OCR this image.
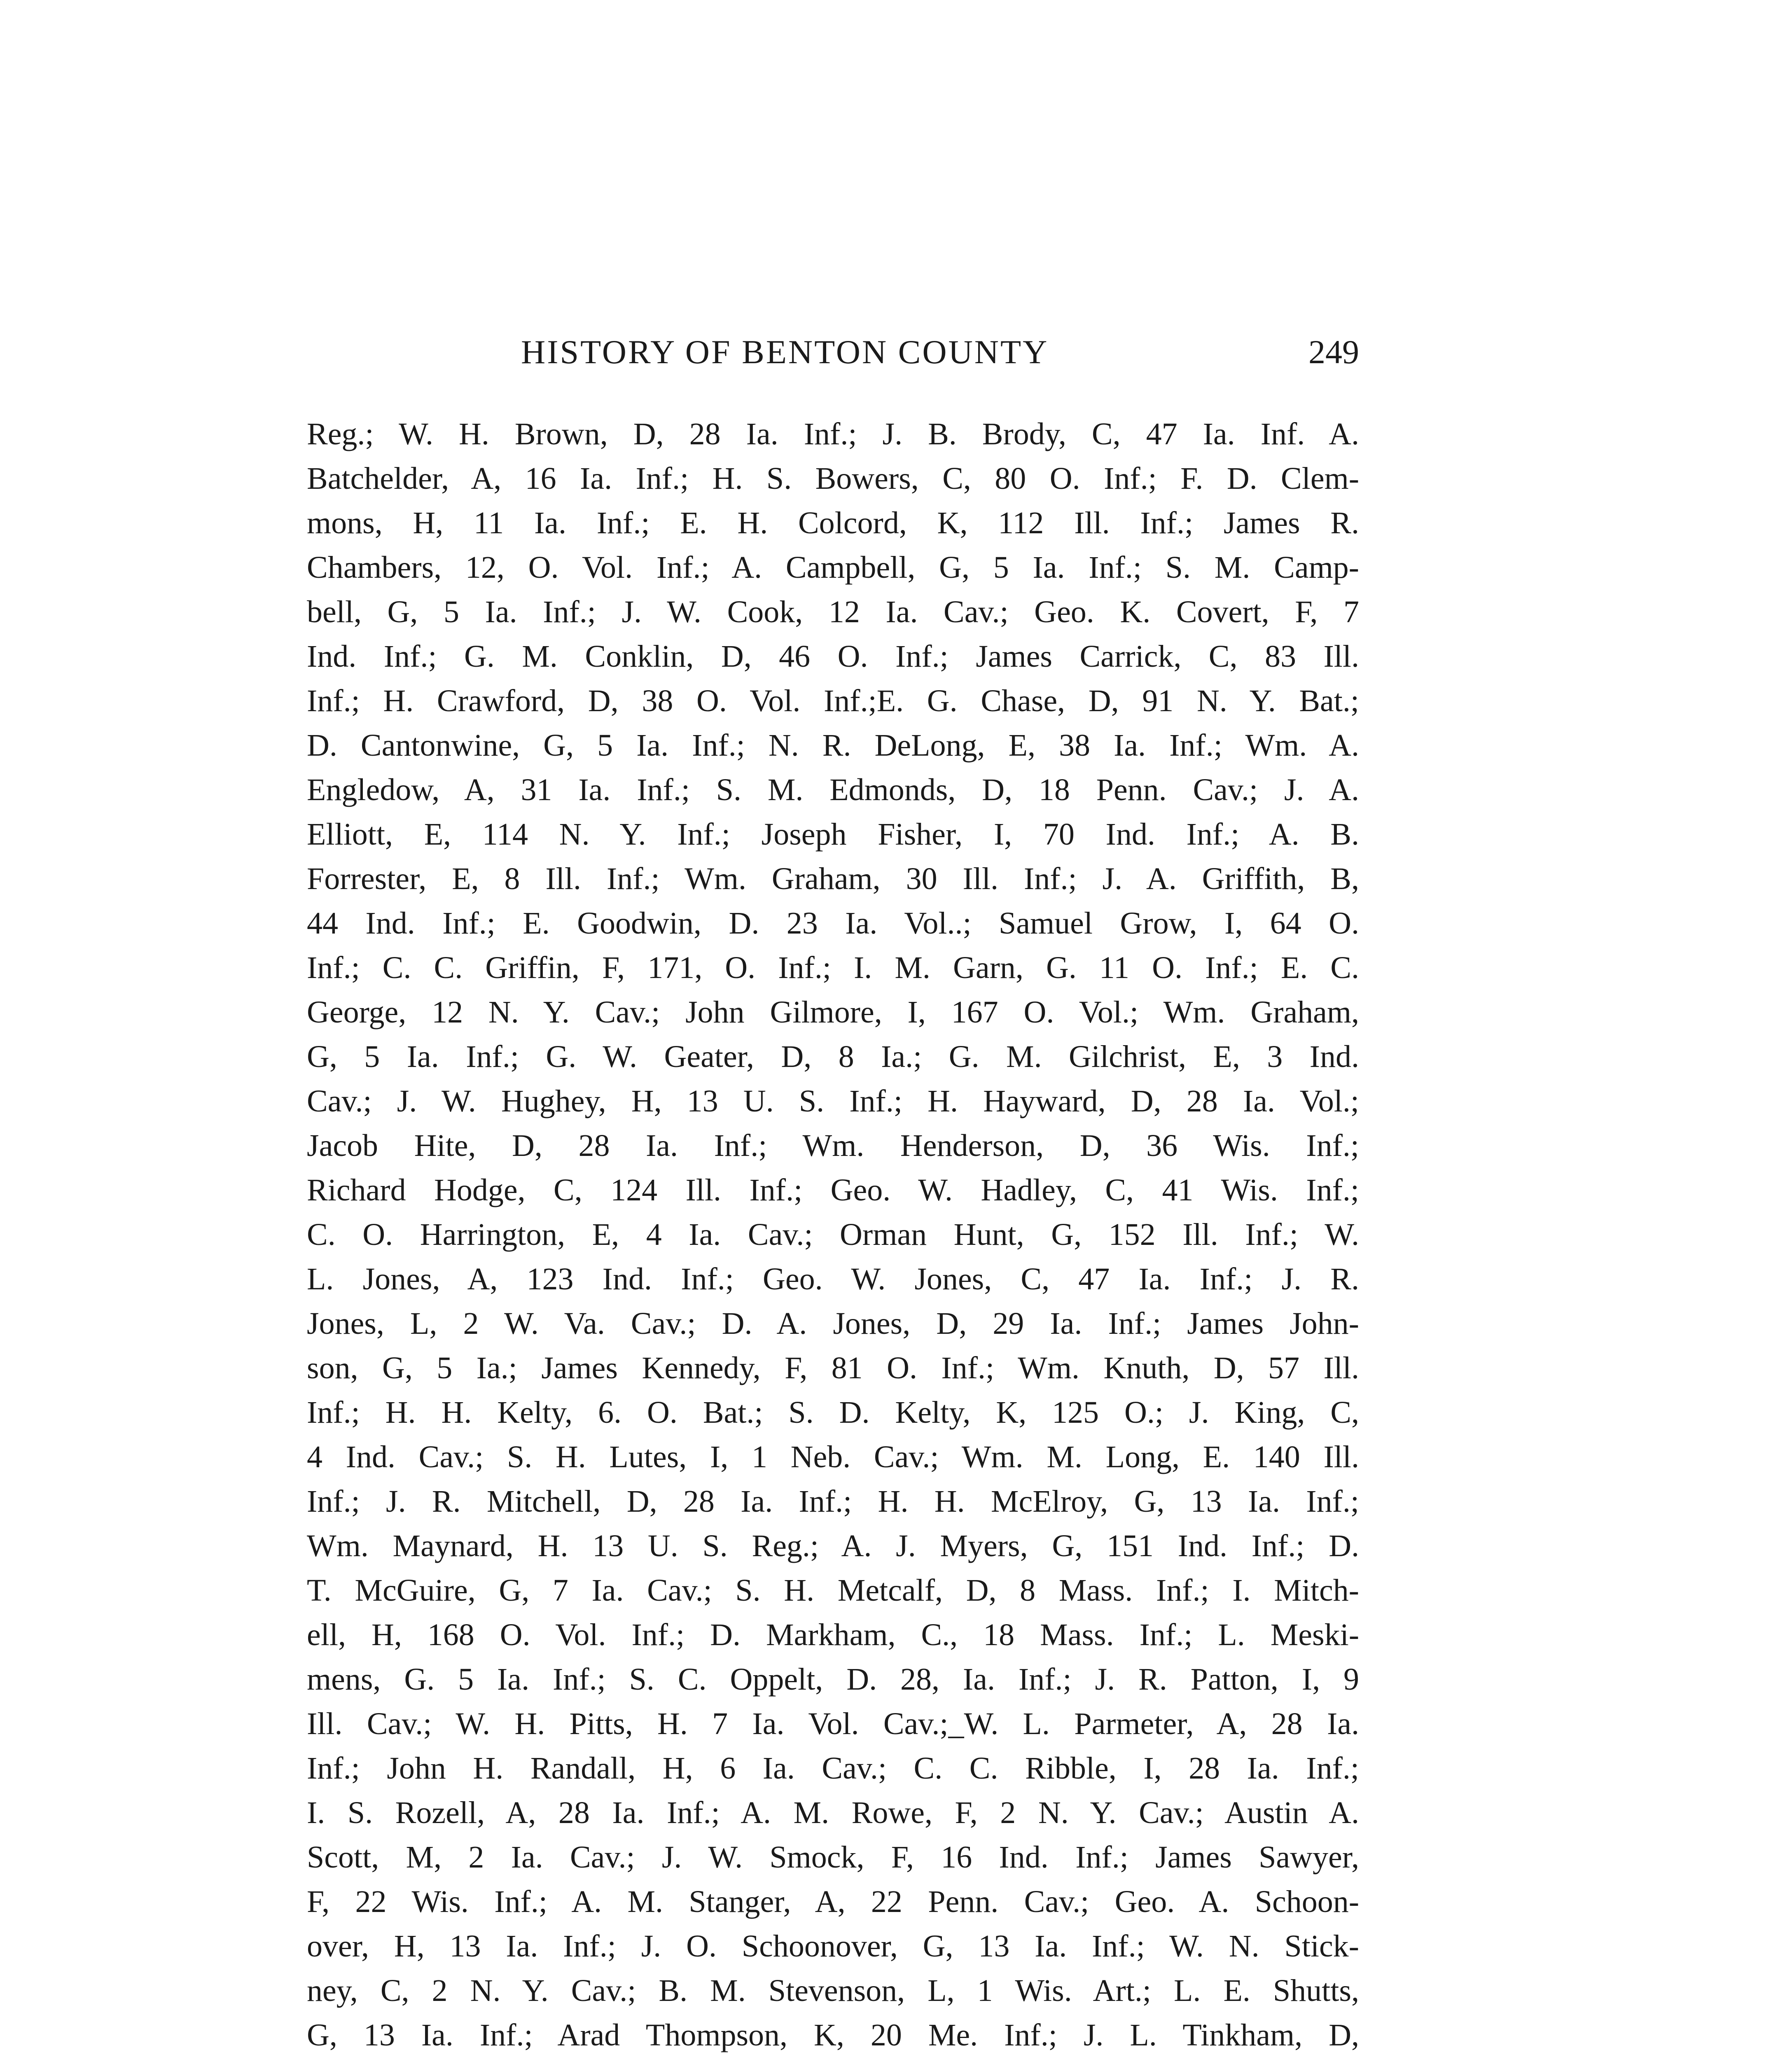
HISTORY OF BENTON COUNTY	249
Reg.; W. H. Brown, D, 28 Ia. Inf.; J. B. Brody, C, 47 Ia. Inf. A.
Batchelder, A, 16 Ia. Inf.; H. S. Bowers, C, 80 O. Inf.; F. D. Clem-
mons, H, 11 Ia. Inf.; E. H. Colcord, K, 112 Ill. Inf.; James R.
Chambers, 12, O. Vol. Inf.; A. Campbell, G, 5 Ia. Inf.; S. M. Camp-
bell, G, 5 Ia. Inf.; J. W. Cook, 12 Ia. Cav.; Geo. K. Covert, F, 7
Ind. Inf.; G. M. Conklin, D, 46 O. Inf.; James Carrick, C, 83 Ill.
Inf.; H. Crawford, D, 38 O. Vol. Inf.;E. G. Chase, D, 91 N. Y. Bat.;
D. Cantonwine, G, 5 Ia. Inf.; N. R. DeLong, E, 38 Ia. Inf.; Wm. A.
Engledow, A, 31 Ia. Inf.; S. M. Edmonds, D, 18 Penn. Cav.; J. A.
Elliott, E, 114 N. Y. Inf.; Joseph Fisher, I, 70 Ind. Inf.; A. B.
Forrester, E, 8 Ill. Inf.; Wm. Graham, 30 Ill. Inf.; J. A. Griffith, B,
44 Ind. Inf.; E. Goodwin, D. 23 Ia. Vol..; Samuel Grow, I, 64 O.
Inf.; C. C. Griffin, F, 171, O. Inf.; I. M. Garn, G. 11 O. Inf.; E. C.
George, 12 N. Y. Cav.; John Gilmore, I, 167 O. Vol.; Wm. Graham,
G, 5 Ia. Inf.; G. W. Geater, D, 8 Ia.; G. M. Gilchrist, E, 3 Ind.
Cav.; J. W. Hughey, H, 13 U. S. Inf.; H. Hayward, D, 28 Ia. Vol.;
Jacob Hite, D, 28 Ia. Inf.; Wm. Henderson, D, 36 Wis. Inf.;
Richard Hodge, C, 124 Ill. Inf.; Geo. W. Hadley, C, 41 Wis. Inf.;
C. O. Harrington, E, 4 Ia. Cav.; Orman Hunt, G, 152 Ill. Inf.; W.
L. Jones, A, 123 Ind. Inf.; Geo. W. Jones, C, 47 Ia. Inf.; J. R.
Jones, L, 2 W. Va. Cav.; D. A. Jones, D, 29 Ia. Inf.; James John-
son, G, 5 Ia.; James Kennedy, F, 81 O. Inf.; Wm. Knuth, D, 57 Ill.
Inf.; H. H. Kelty, 6. O. Bat.; S. D. Kelty, K, 125 O.; J. King, C,
4 Ind. Cav.; S. H. Lutes, I, 1 Neb. Cav.; Wm. M. Long, E. 140 Ill.
Inf.; J. R. Mitchell, D, 28 Ia. Inf.; H. H. McElroy, G, 13 Ia. Inf.;
Wm. Maynard, H. 13 U. S. Reg.; A. J. Myers, G, 151 Ind. Inf.; D.
T. McGuire, G, 7 Ia. Cav.; S. H. Metcalf, D, 8 Mass. Inf.; I. Mitch-
ell, H, 168 O. Vol. Inf.; D. Markham, C., 18 Mass. Inf.; L. Meski-
mens, G. 5 Ia. Inf.; S. C. Oppelt, D. 28, Ia. Inf.; J. R. Patton, I, 9
Ill. Cav.; W. H. Pitts, H. 7 Ia. Vol. Cav.;_W. L. Parmeter, A, 28 Ia.
Inf.; John H. Randall, H, 6 Ia. Cav.; C. C. Ribble, I, 28 Ia. Inf.;
I. S. Rozell, A, 28 Ia. Inf.; A. M. Rowe, F, 2 N. Y. Cav.; Austin A.
Scott, M, 2 Ia. Cav.; J. W. Smock, F, 16 Ind. Inf.; James Sawyer,
F, 22 Wis. Inf.; A. M. Stanger, A, 22 Penn. Cav.; Geo. A. Schoon-
over, H, 13 Ia. Inf.; J. O. Schoonover, G, 13 Ia. Inf.; W. N. Stick-
ney, C, 2 N. Y. Cav.; B. M. Stevenson, L, 1 Wis. Art.; L. E. Shutts,
G, 13 Ia. Inf.; Arad Thompson, K, 20 Me. Inf.; J. L. Tinkham, D,
